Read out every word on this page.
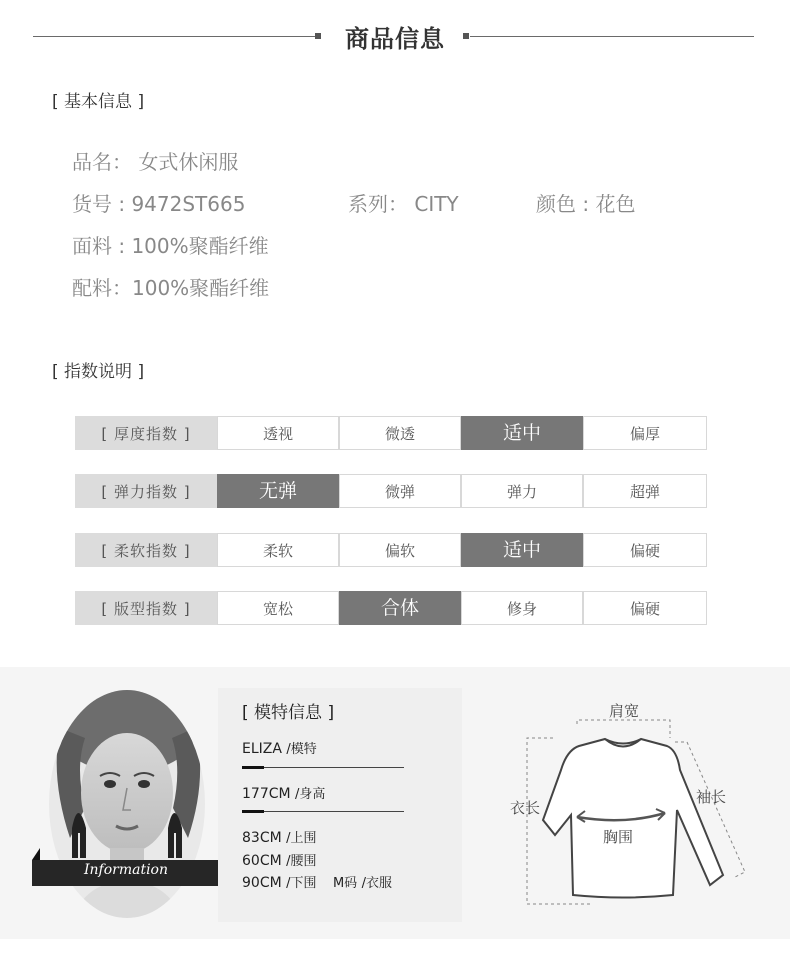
商品信息
[ 基本信息 ]
品名： 女式休闲服
货号 : 9472ST665	系列： CITY	颜色 : 花色
面料 : 100%聚酯纤维
配料：100%聚酯纤维
[ 指数说明 ]
[ 厚度指数 ]	透视	微透	适中	偏厚
[ 弹力指数 ]	无弹	微弹	弹力	超弹
[ 柔软指数 ]	柔软	偏软	适中	偏硬
[ 版型指数 ]	宽松	合体	修身	偏硬
Information
[ 模特信息 ]
ELIZA /模特
177CM /身高
83CM /上围
60CM /腰围
90CM /下围 M码 /衣服
肩宽
衣长
袖长
胸围
